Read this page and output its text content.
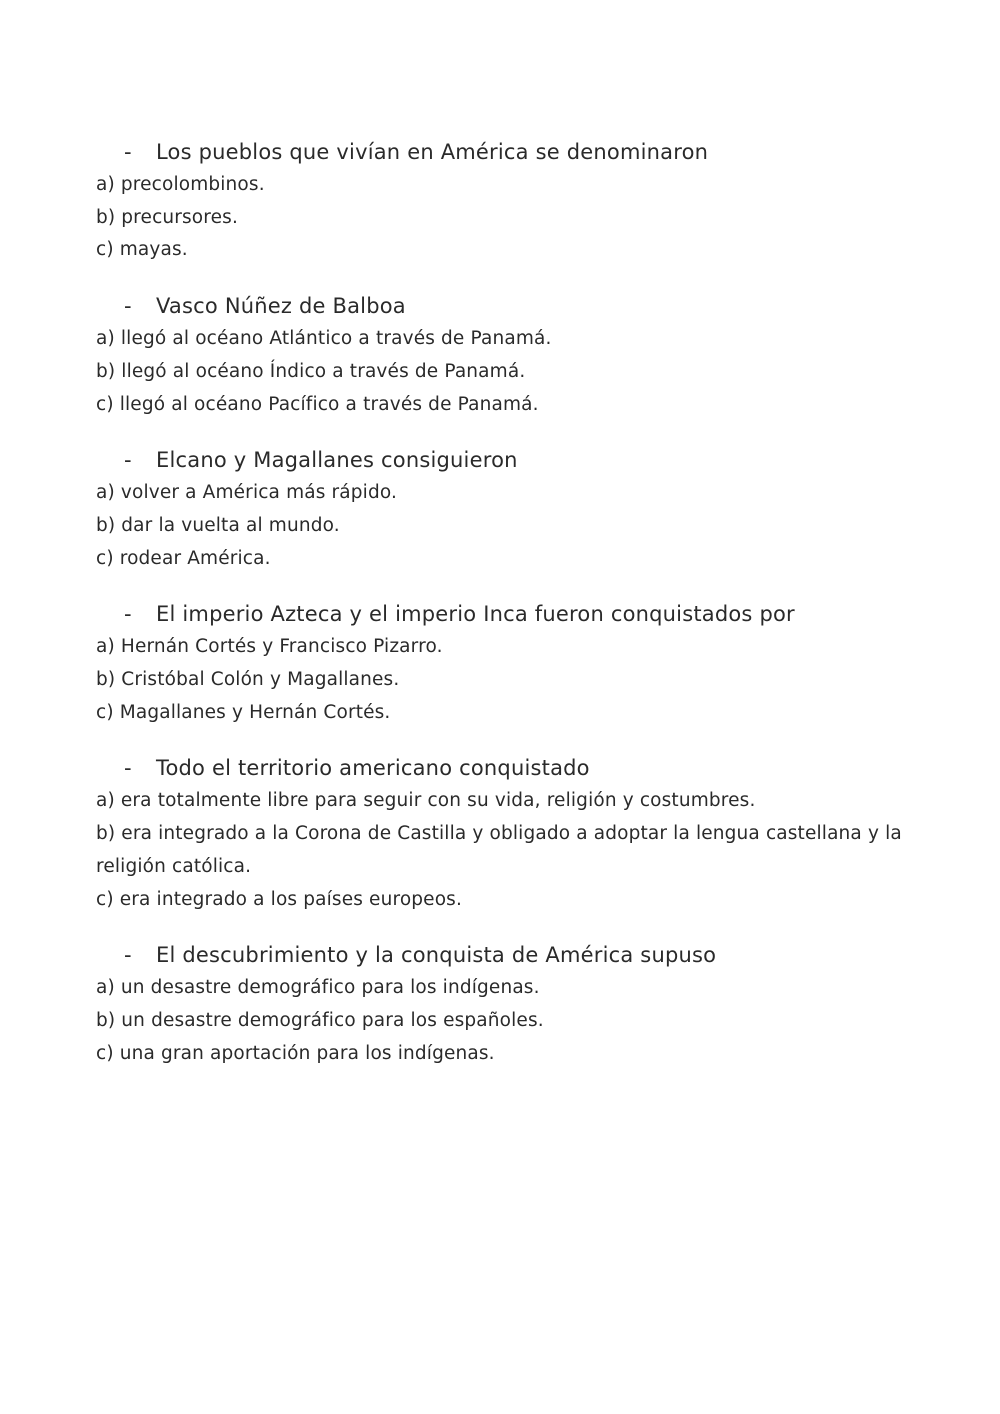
- Los pueblos que vivían en América se denominaron
a) precolombinos.
b) precursores.
c) mayas.
- Vasco Núñez de Balboa
a) llegó al océano Atlántico a través de Panamá.
b) llegó al océano Índico a través de Panamá.
c) llegó al océano Pacífico a través de Panamá.
- Elcano y Magallanes consiguieron
a) volver a América más rápido.
b) dar la vuelta al mundo.
c) rodear América.
- El imperio Azteca y el imperio Inca fueron conquistados por
a) Hernán Cortés y Francisco Pizarro.
b) Cristóbal Colón y Magallanes.
c) Magallanes y Hernán Cortés.
- Todo el territorio americano conquistado
a) era totalmente libre para seguir con su vida, religión y costumbres.
b) era integrado a la Corona de Castilla y obligado a adoptar la lengua castellana y la religión católica.
c) era integrado a los países europeos.
- El descubrimiento y la conquista de América supuso
a) un desastre demográfico para los indígenas.
b) un desastre demográfico para los españoles.
c) una gran aportación para los indígenas.
